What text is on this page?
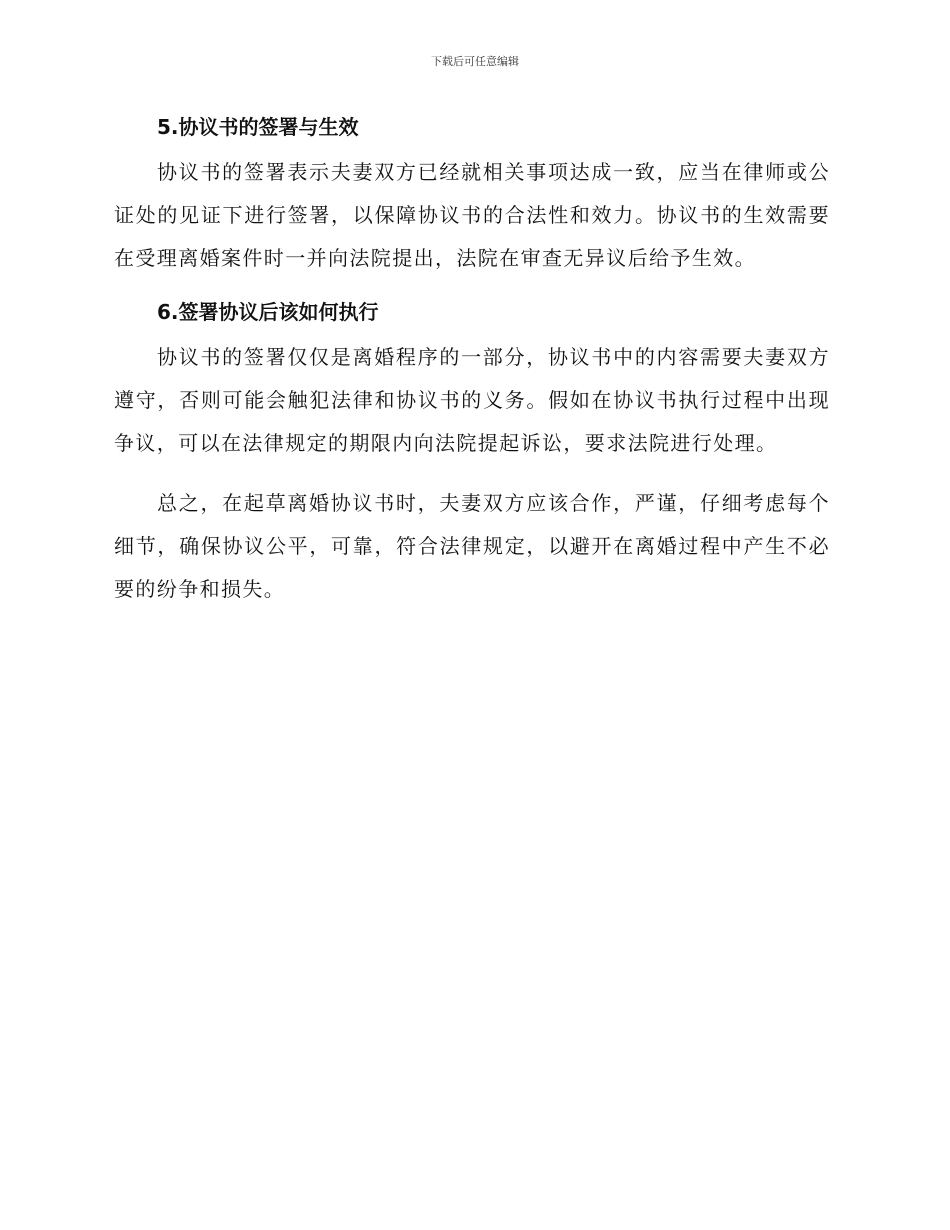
下载后可任意编辑
5.协议书的签署与生效

协议书的签署表示夫妻双方已经就相关事项达成一致，应当在律师或公证处的见证下进行签署，以保障协议书的合法性和效力。协议书的生效需要在受理离婚案件时一并向法院提出，法院在审查无异议后给予生效。

6.签署协议后该如何执行

协议书的签署仅仅是离婚程序的一部分，协议书中的内容需要夫妻双方遵守，否则可能会触犯法律和协议书的义务。假如在协议书执行过程中出现争议，可以在法律规定的期限内向法院提起诉讼，要求法院进行处理。

总之，在起草离婚协议书时，夫妻双方应该合作，严谨，仔细考虑每个细节，确保协议公平，可靠，符合法律规定，以避开在离婚过程中产生不必要的纷争和损失。
